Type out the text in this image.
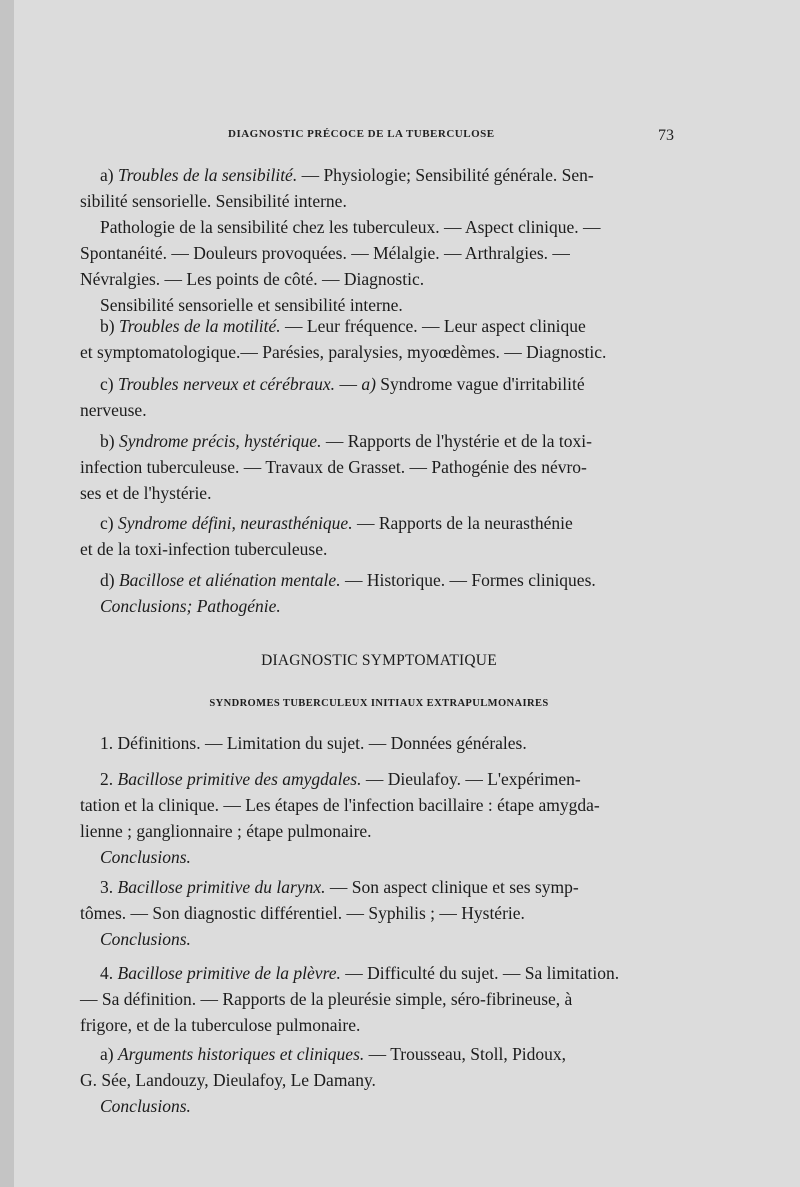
DIAGNOSTIC PRÉCOCE DE LA TUBERCULOSE	73
a) Troubles de la sensibilité. — Physiologie; Sensibilité générale. Sen-
sibilité sensorielle. Sensibilité interne.
Pathologie de la sensibilité chez les tuberculeux. — Aspect clinique. —
Spontanéité. — Douleurs provoquées. — Mélalgie. — Arthralgies. —
Névralgies. — Les points de côté. — Diagnostic.
Sensibilité sensorielle et sensibilité interne.
b) Troubles de la motilité. — Leur fréquence. — Leur aspect clinique
et symptomatologique.— Parésies, paralysies, myoœdèmes. — Diagnostic.
c) Troubles nerveux et cérébraux. — a) Syndrome vague d'irritabilité
nerveuse.
b) Syndrome précis, hystérique. — Rapports de l'hystérie et de la toxi-
infection tuberculeuse. — Travaux de Grasset. — Pathogénie des névro-
ses et de l'hystérie.
c) Syndrome défini, neurasthénique. — Rapports de la neurasthénie
et de la toxi-infection tuberculeuse.
d) Bacillose et aliénation mentale. — Historique. — Formes cliniques.
Conclusions; Pathogénie.
DIAGNOSTIC SYMPTOMATIQUE
SYNDROMES TUBERCULEUX INITIAUX EXTRAPULMONAIRES
1. Définitions. — Limitation du sujet. — Données générales.
2. Bacillose primitive des amygdales. — Dieulafoy. — L'expérimen-
tation et la clinique. — Les étapes de l'infection bacillaire : étape amygda-
lienne ; ganglionnaire ; étape pulmonaire.
Conclusions.
3. Bacillose primitive du larynx. — Son aspect clinique et ses symp-
tômes. — Son diagnostic différentiel. — Syphilis ; — Hystérie.
Conclusions.
4. Bacillose primitive de la plèvre. — Difficulté du sujet. — Sa limitation.
— Sa définition. — Rapports de la pleurésie simple, séro-fibrineuse, à
frigore, et de la tuberculose pulmonaire.
a) Arguments historiques et cliniques. — Trousseau, Stoll, Pidoux,
G. Sée, Landouzy, Dieulafoy, Le Damany.
Conclusions.
